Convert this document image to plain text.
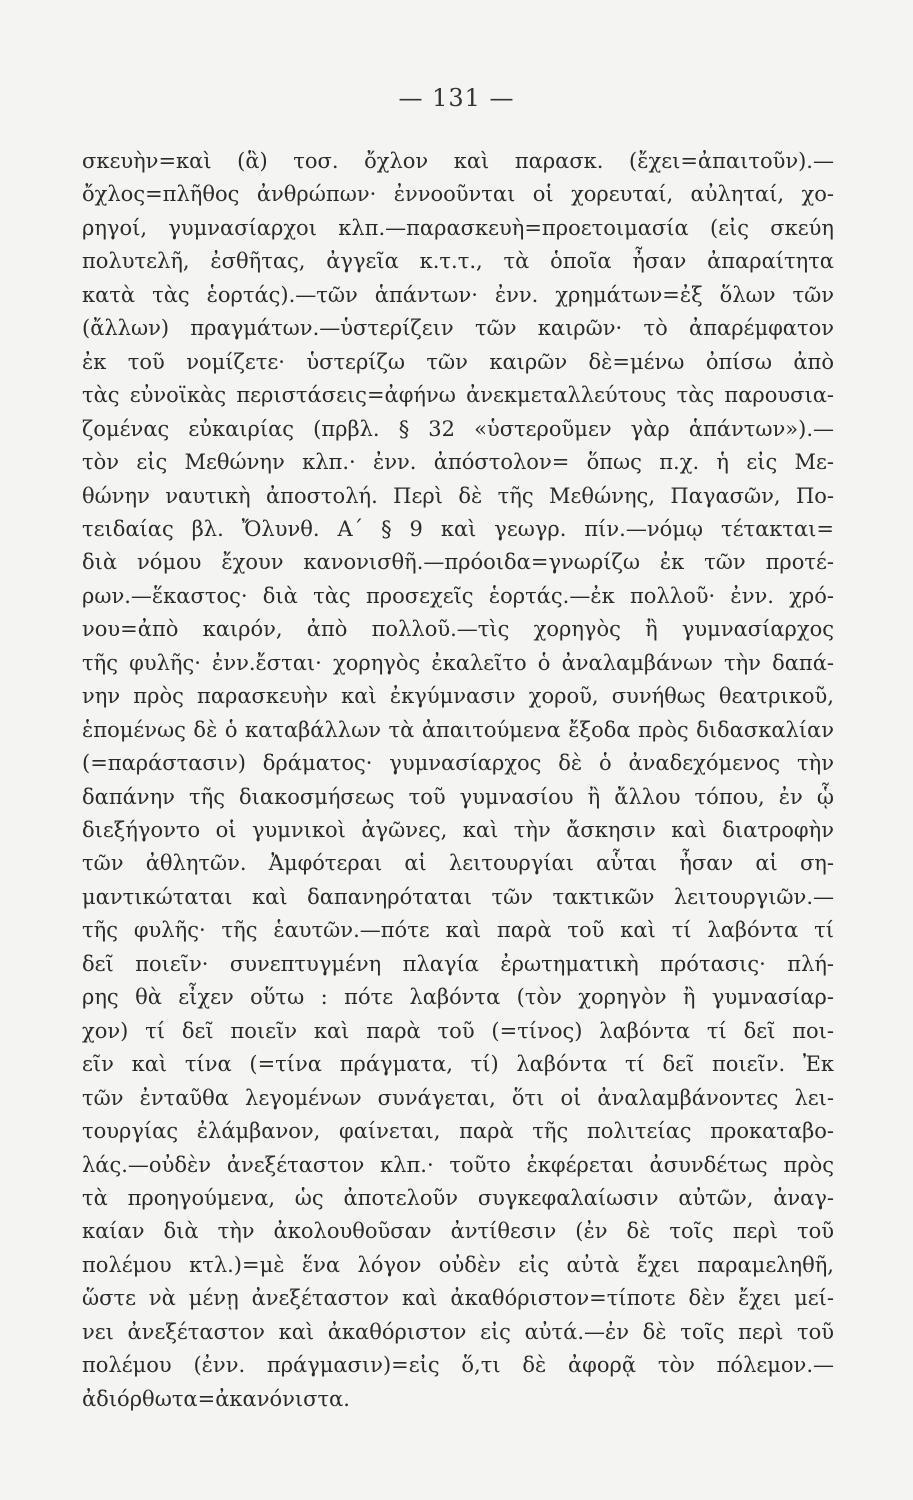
— 131 —
σκευὴν=καὶ (ἃ) τοσ. ὄχλον καὶ παρασκ. (ἔχει=ἀπαιτοῦν).—
ὄχλος=πλῆθος ἀνθρώπων· ἐννοοῦνται οἱ χορευταί, αὐληταί, χο-
ρηγοί, γυμνασίαρχοι κλπ.—παρασκευὴ=προετοιμασία (εἰς σκεύη
πολυτελῆ, ἐσθῆτας, ἀγγεῖα κ.τ.τ., τὰ ὁποῖα ἦσαν ἀπαραίτητα
κατὰ τὰς ἑορτάς).—τῶν ἁπάντων· ἐνν. χρημάτων=ἐξ ὅλων τῶν
(ἄλλων) πραγμάτων.—ὑστερίζειν τῶν καιρῶν· τὸ ἀπαρέμφατον
ἐκ τοῦ νομίζετε· ὑστερίζω τῶν καιρῶν δὲ=μένω ὀπίσω ἀπὸ
τὰς εὐνοϊκὰς περιστάσεις=ἀφήνω ἀνεκμεταλλεύτους τὰς παρουσια-
ζομένας εὐκαιρίας (πρβλ. § 32 «ὑστεροῦμεν γὰρ ἁπάντων»).—
τὸν εἰς Μεθώνην κλπ.· ἐνν. ἀπόστολον= ὅπως π.χ. ἡ εἰς Με-
θώνην ναυτικὴ ἀποστολή. Περὶ δὲ τῆς Μεθώνης, Παγασῶν, Πο-
τειδαίας βλ. Ὄλυνθ. Α΄ § 9 καὶ γεωγρ. πίν.—νόμῳ τέτακται=
διὰ νόμου ἔχουν κανονισθῆ.—πρόοιδα=γνωρίζω ἐκ τῶν προτέ-
ρων.—ἕκαστος· διὰ τὰς προσεχεῖς ἑορτάς.—ἐκ πολλοῦ· ἐνν. χρό-
νου=ἀπὸ καιρόν, ἀπὸ πολλοῦ.—τὶς χορηγὸς ἢ γυμνασίαρχος
τῆς φυλῆς· ἐνν.ἔσται· χορηγὸς ἐκαλεῖτο ὁ ἀναλαμβάνων τὴν δαπά-
νην πρὸς παρασκευὴν καὶ ἐκγύμνασιν χοροῦ, συνήθως θεατρικοῦ,
ἑπομένως δὲ ὁ καταβάλλων τὰ ἀπαιτούμενα ἔξοδα πρὸς διδασκαλίαν
(=παράστασιν) δράματος· γυμνασίαρχος δὲ ὁ ἀναδεχόμενος τὴν
δαπάνην τῆς διακοσμήσεως τοῦ γυμνασίου ἢ ἄλλου τόπου, ἐν ᾧ
διεξήγοντο οἱ γυμνικοὶ ἀγῶνες, καὶ τὴν ἄσκησιν καὶ διατροφὴν
τῶν ἀθλητῶν. Ἀμφότεραι αἱ λειτουργίαι αὗται ἦσαν αἱ ση-
μαντικώταται καὶ δαπανηρόταται τῶν τακτικῶν λειτουργιῶν.—
τῆς φυλῆς· τῆς ἑαυτῶν.—πότε καὶ παρὰ τοῦ καὶ τί λαβόντα τί
δεῖ ποιεῖν· συνεπτυγμένη πλαγία ἐρωτηματικὴ πρότασις· πλή-
ρης θὰ εἶχεν οὕτω : πότε λαβόντα (τὸν χορηγὸν ἢ γυμνασίαρ-
χον) τί δεῖ ποιεῖν καὶ παρὰ τοῦ (=τίνος) λαβόντα τί δεῖ ποι-
εῖν καὶ τίνα (=τίνα πράγματα, τί) λαβόντα τί δεῖ ποιεῖν. Ἐκ
τῶν ἐνταῦθα λεγομένων συνάγεται, ὅτι οἱ ἀναλαμβάνοντες λει-
τουργίας ἐλάμβανον, φαίνεται, παρὰ τῆς πολιτείας προκαταβο-
λάς.—οὐδὲν ἀνεξέταστον κλπ.· τοῦτο ἐκφέρεται ἀσυνδέτως πρὸς
τὰ προηγούμενα, ὡς ἀποτελοῦν συγκεφαλαίωσιν αὐτῶν, ἀναγ-
καίαν διὰ τὴν ἀκολουθοῦσαν ἀντίθεσιν (ἐν δὲ τοῖς περὶ τοῦ
πολέμου κτλ.)=μὲ ἕνα λόγον οὐδὲν εἰς αὐτὰ ἔχει παραμεληθῆ,
ὥστε νὰ μένῃ ἀνεξέταστον καὶ ἀκαθόριστον=τίποτε δὲν ἔχει μεί-
νει ἀνεξέταστον καὶ ἀκαθόριστον εἰς αὐτά.—ἐν δὲ τοῖς περὶ τοῦ
πολέμου (ἐνν. πράγμασιν)=εἰς ὅ,τι δὲ ἀφορᾷ τὸν πόλεμον.—
ἀδιόρθωτα=ἀκανόνιστα.
